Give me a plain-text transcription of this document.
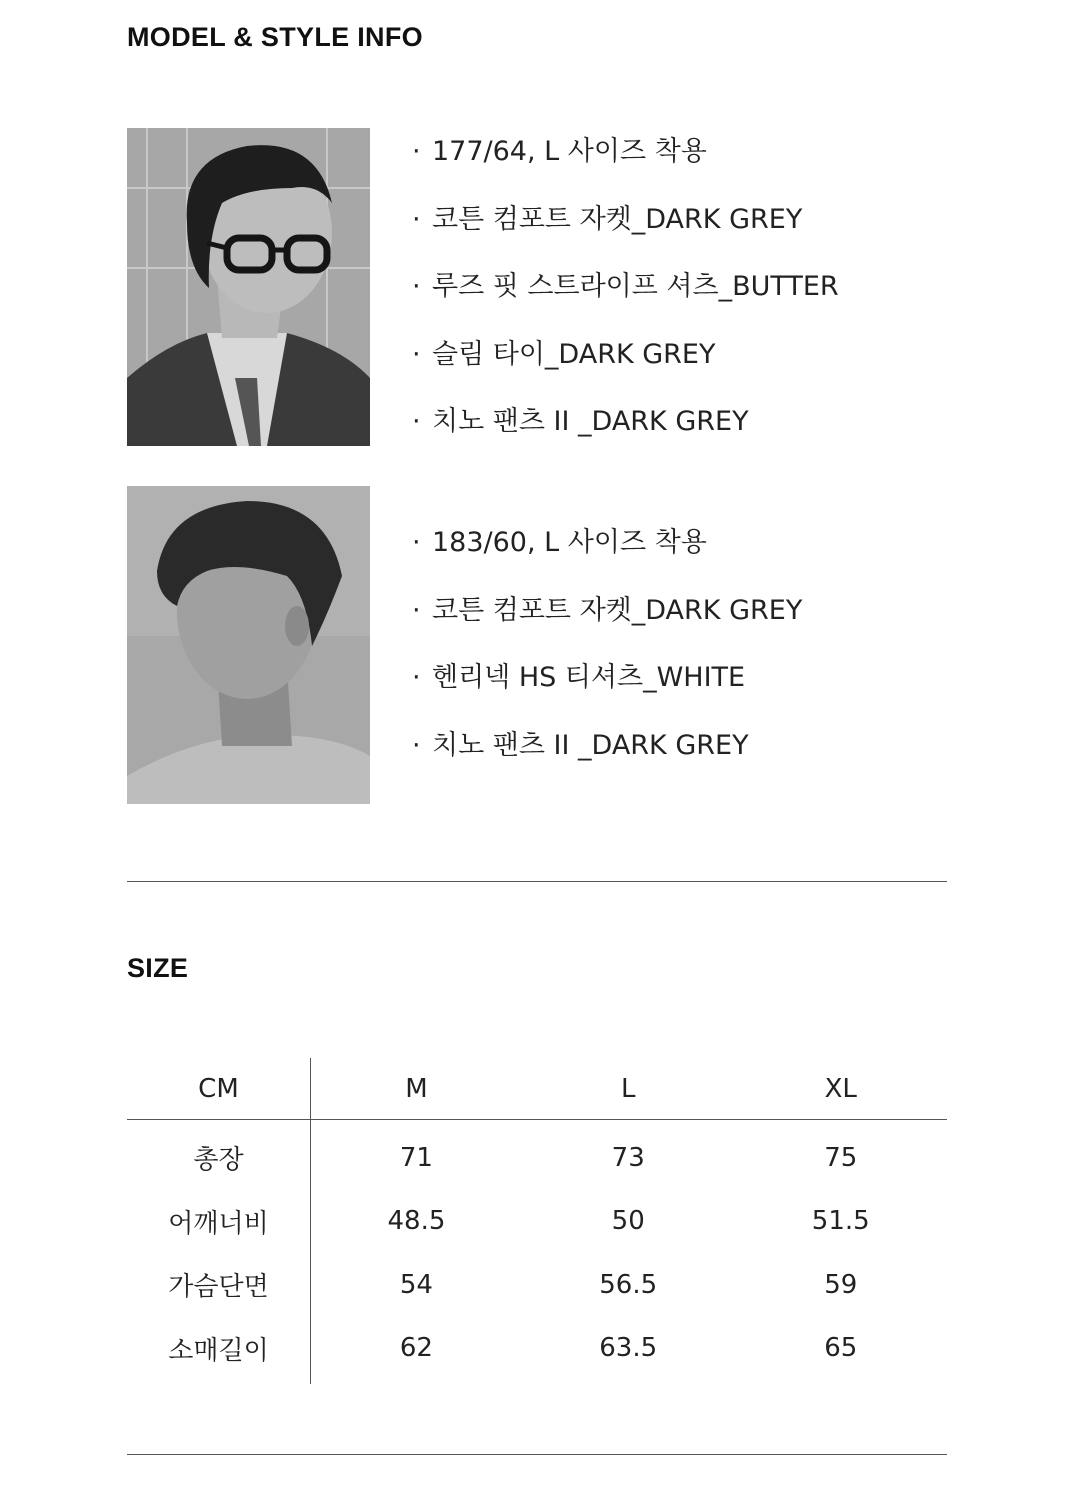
MODEL & STYLE INFO
· 177/64, L 사이즈 착용
· 코튼 컴포트 자켓_DARK GREY
· 루즈 핏 스트라이프 셔츠_BUTTER
· 슬림 타이_DARK GREY
· 치노 팬츠 II _DARK GREY
· 183/60, L 사이즈 착용
· 코튼 컴포트 자켓_DARK GREY
· 헨리넥 HS 티셔츠_WHITE
· 치노 팬츠 II _DARK GREY
SIZE
CM	M	L	XL
총장	71	73	75
어깨너비	48.5	50	51.5
가슴단면	54	56.5	59
소매길이	62	63.5	65
